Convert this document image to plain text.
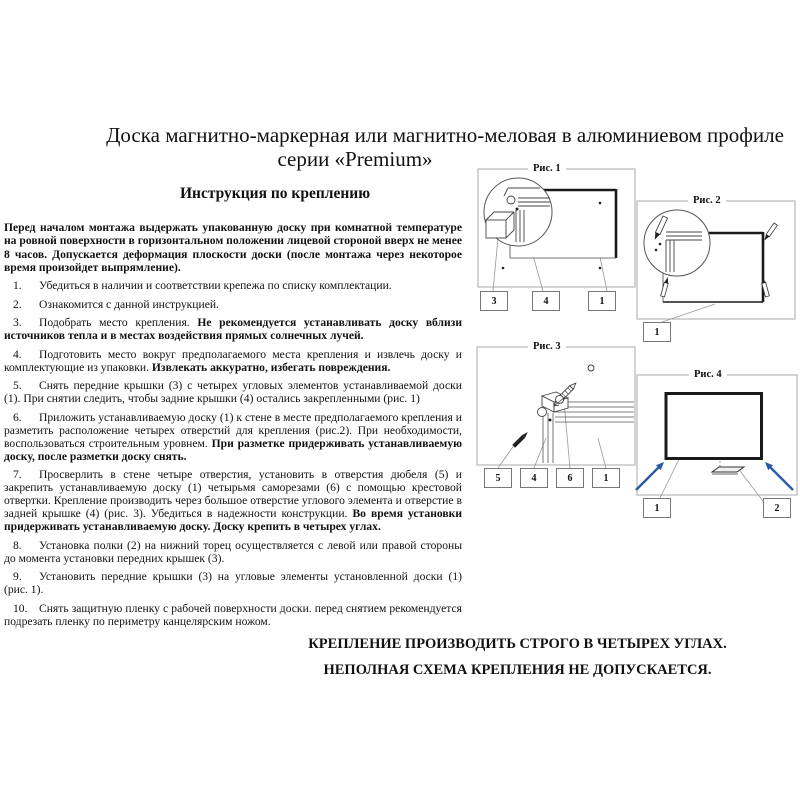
Доска магнитно-маркерная или магнитно-меловая в алюминиевом профиле
серии «Premium»
Инструкция по креплению
Перед началом монтажа выдержать упакованную доску при комнатной температуре на ровной поверхности в горизонтальном положении лицевой стороной вверх не менее 8 часов. Допускается деформация плоскости доски (после монтажа через некоторое время произойдет выпрямление).
1. Убедиться в наличии и соответствии крепежа по списку комплектации.
2. Ознакомится с данной инструкцией.
3. Подобрать место крепления. Не рекомендуется устанавливать доску вблизи источников тепла и в местах воздействия прямых солнечных лучей.
4. Подготовить место вокруг предполагаемого места крепления и извлечь доску и комплектующие из упаковки. Извлекать аккуратно, избегать повреждения.
5. Снять передние крышки (3) с четырех угловых элементов устанавливаемой доски (1). При снятии следить, чтобы задние крышки (4) остались закрепленными (рис. 1)
6. Приложить устанавливаемую доску (1) к стене в месте предполагаемого крепления и разметить расположение четырех отверстий для крепления (рис.2). При необходимости, воспользоваться строительным уровнем. При разметке придерживать устанавливаемую доску, после разметки доску снять.
7. Просверлить в стене четыре отверстия, установить в отверстия дюбеля (5) и закрепить устанавливаемую доску (1) четырьмя саморезами (6) с помощью крестовой отвертки. Крепление производить через большое отверстие углового элемента и отверстие в задней крышке (4) (рис. 3). Убедиться в надежности конструкции. Во время установки придерживать устанавливаемую доску. Доску крепить в четырех углах.
8. Установка полки (2) на нижний торец осуществляется с левой или правой стороны до момента установки передних крышек (3).
9. Установить передние крышки (3) на угловые элементы установленной доски (1) (рис. 1).
10. Снять защитную пленку с рабочей поверхности доски. перед снятием рекомендуется подрезать пленку по периметру канцелярским ножом.
КРЕПЛЕНИЕ ПРОИЗВОДИТЬ СТРОГО В ЧЕТЫРЕХ УГЛАХ.
НЕПОЛНАЯ СХЕМА КРЕПЛЕНИЯ НЕ ДОПУСКАЕТСЯ.
Рис. 1
3	4	1
Рис. 2
1
Рис. 3
5	4	6	1
Рис. 4
1	2
